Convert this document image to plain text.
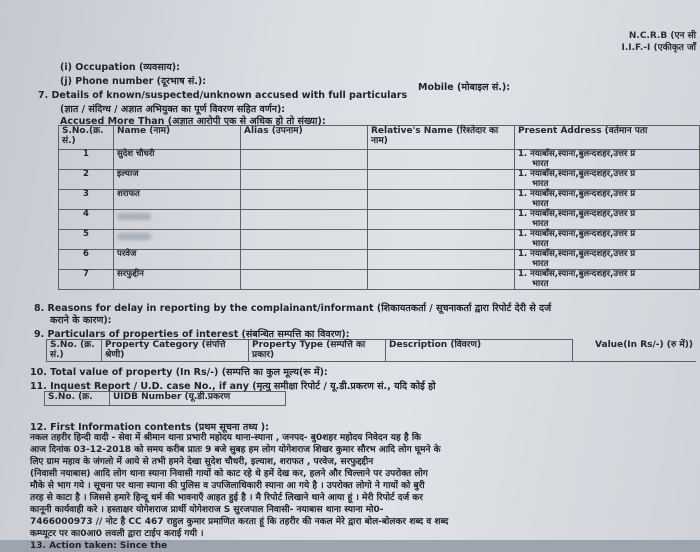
N.C.R.B (एन सी
I.I.F.-I (एकीकृत जाँ
(i) Occupation (व्यवसाय):
(j) Phone number (दूरभाष सं.):
Mobile (मोबाइल सं.):
7. Details of known/suspected/unknown accused with full particulars
(ज्ञात / संदिग्ध / अज्ञात अभियुक्त का पूर्ण विवरण सहित वर्णन):
Accused More Than (अज्ञात आरोपी एक से अधिक हो तो संख्या):
S.No.(क्र. सं.)	Name (नाम)	Alias (उपनाम)	Relative's Name (रिश्तेदार का नाम)	Present Address (वर्तमान पता
1	सुदेश चौधरी			1. नयाबाँस,स्याना,बुलन्दशहर,उत्तर प्र
भारत

2	इल्याज			1. नयाबाँस,स्याना,बुलन्दशहर,उत्तर प्र
भारत

3	शराफत			1. नयाबाँस,स्याना,बुलन्दशहर,उत्तर प्र
भारत

4				1. नयाबाँस,स्याना,बुलन्दशहर,उत्तर प्र
भारत

5				1. नयाबाँस,स्याना,बुलन्दशहर,उत्तर प्र
भारत

6	परवेज			1. नयाबाँस,स्याना,बुलन्दशहर,उत्तर प्र
भारत

7	सरफुद्दीन			1. नयाबाँस,स्याना,बुलन्दशहर,उत्तर प्र
भारत
8. Reasons for delay in reporting by the complainant/informant (शिकायतकर्ता / सूचनाकर्ता द्वारा रिपोर्ट देरी से दर्ज
कराने के कारण):
9. Particulars of properties of interest (संबन्धित सम्पत्ति का विवरण):
S.No. (क्र. सं.)	Property Category (संपत्ति श्रेणी)	Property Type (सम्पत्ति का प्रकार)	Description (विवरण)	Value(In Rs/-) (रु में))
10. Total value of property (In Rs/-) (सम्पत्ति का कुल मूल्य(रू में):
11. Inquest Report / U.D. case No., if any (मृत्यु समीक्षा रिपोर्ट / यू.डी.प्रकरण सं., यदि कोई हो
S.No. (क्र.	UIDB Number (यू.डी.प्रकरण
12. First Information contents (प्रथम सूचना तथ्य ):
नकल तहरीर हिन्दी वादी - सेवा में श्रीमान थाना प्रभारी महोदय थाना-स्याना , जनपद- बु0शहर महोदय निवेदन यह है कि
आज दिनांक 03-12-2018 को समय करीब प्रातः 9 बजे सुबह हम लोग योगेशराज शिखर कुमार सौरभ आदि लोग घूमने के
लिए ग्राम महाव के जंगलो में आये से तभी हमने देखा सुदेश चौधरी, इल्याश, शराफत , परवेज, सरफुद्दद्दीन
(निवासी नयाबास) आदि लोग थाना स्याना निवासी गायों को काट रहे थे हमें देख कर, हलने और चिल्लाने पर उपरोक्त लोग
मौके से भाग गये । सूचना पर थाना स्याना की पुलिस व उपजिलाधिकारी स्याना आ गये है । उपरोक्त लोगो ने गायों को बुरी
तरह से काटा है । जिससे हमारे हिन्दू धर्म की भावनाएँ आहत हुई है । मै रिपोर्ट लिखाने थाने आया हूं । मेरी रिपोर्ट दर्ज कर
कानूनी कार्यवाही करे । हस्ताक्षर योगेशराज प्रार्थी योगेशराज S सुरजपाल निवासी- नयाबास थाना स्याना मो0-
7466000973 // नोट है CC 467 राहुल कुमार प्रमाणित करता हूं कि तहरीर की नकल मेरे द्वारा बोल-बोलकर शब्द व शब्द
कम्प्यूटर पर का0आ0 लवली द्वारा टाईप कराई गयी ।
13. Action taken: Since the
